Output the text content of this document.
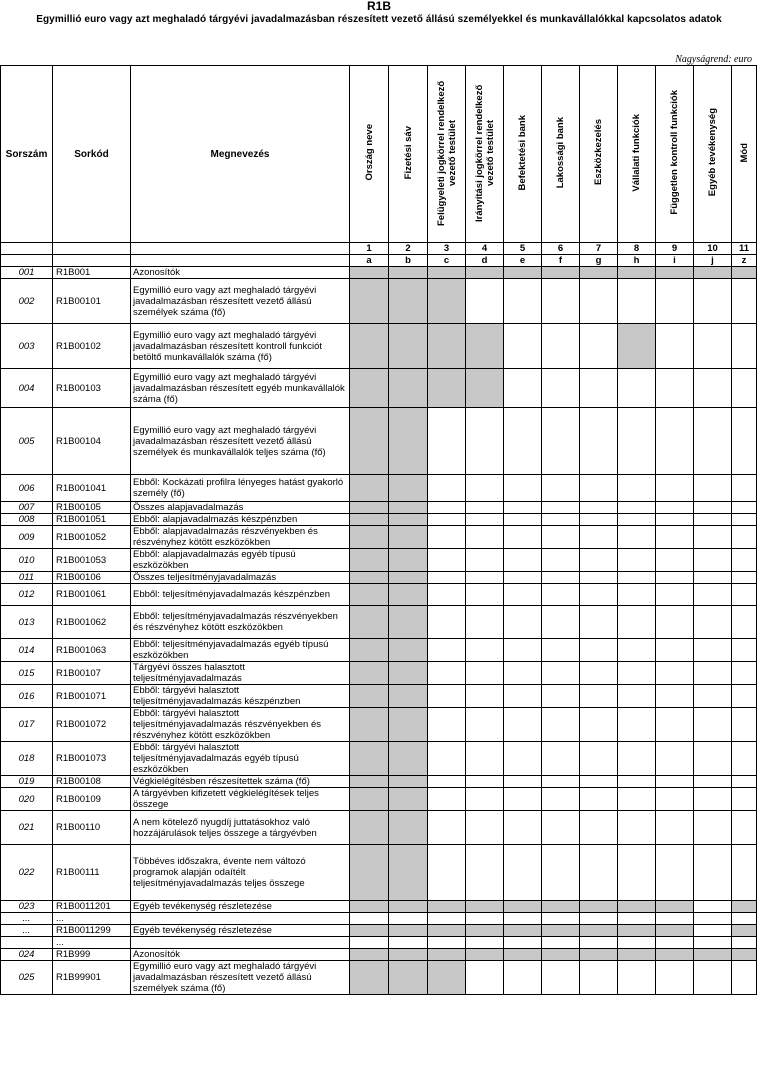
R1B
Egymillió euro vagy azt meghaladó tárgyévi javadalmazásban részesített vezető állású személyekkel és munkavállalókkal kapcsolatos adatok
Nagyságrend: euro
Sorszám	Sorkód	Megnevezés	Ország neve	Fizetési sáv	Felügyeleti jogkörrel rendelkező vezető testület	Irányítási jogkörrel rendelkező vezető testület	Befektetési bank	Lakossági bank	Eszközkezelés	Vállalati funkciók	Független kontroll funkciók	Egyéb tevékenység	Mód
			1	2	3	4	5	6	7	8	9	10	11
			a	b	c	d	e	f	g	h	i	j	z
001	R1B001	Azonosítók											
002	R1B00101	Egymillió euro vagy azt meghaladó tárgyévi javadalmazásban részesített vezető állású személyek száma (fő)											
003	R1B00102	Egymillió euro vagy azt meghaladó tárgyévi javadalmazásban részesített kontroll funkciót betöltő munkavállalók száma (fő)											
004	R1B00103	Egymillió euro vagy azt meghaladó tárgyévi javadalmazásban részesített egyéb munkavállalók száma (fő)											
005	R1B00104	Egymillió euro vagy azt meghaladó tárgyévi javadalmazásban részesített vezető állású személyek és munkavállalók teljes száma (fő)											
006	R1B001041	Ebből: Kockázati profilra lényeges hatást gyakorló személy (fő)											
007	R1B00105	Összes alapjavadalmazás											
008	R1B001051	Ebből: alapjavadalmazás készpénzben											
009	R1B001052	Ebből: alapjavadalmazás részvényekben és részvényhez kötött eszközökben											
010	R1B001053	Ebből: alapjavadalmazás egyéb típusú eszközökben											
011	R1B00106	Összes teljesítményjavadalmazás											
012	R1B001061	Ebből: teljesítményjavadalmazás készpénzben											
013	R1B001062	Ebből: teljesítményjavadalmazás részvényekben és részvényhez kötött eszközökben											
014	R1B001063	Ebből: teljesítményjavadalmazás egyéb típusú eszközökben											
015	R1B00107	Tárgyévi összes halasztott teljesítményjavadalmazás											
016	R1B001071	Ebből: tárgyévi halasztott teljesítményjavadalmazás készpénzben											
017	R1B001072	Ebből: tárgyévi halasztott teljesítményjavadalmazás részvényekben és részvényhez kötött eszközökben											
018	R1B001073	Ebből: tárgyévi halasztott teljesítményjavadalmazás egyéb típusú eszközökben											
019	R1B00108	Végkielégítésben részesítettek száma (fő)											
020	R1B00109	A tárgyévben kifizetett végkielégítések teljes összege											
021	R1B00110	A nem kötelező nyugdíj juttatásokhoz való hozzájárulások teljes összege a tárgyévben											
022	R1B00111	Többéves időszakra, évente nem változó programok alapján odaítélt teljesítményjavadalmazás teljes összege											
023	R1B0011201	Egyéb tevékenység részletezése											
...	...												
...	R1B0011299	Egyéb tevékenység részletezése											
	...												
024	R1B999	Azonosítók											
025	R1B99901	Egymillió euro vagy azt meghaladó tárgyévi javadalmazásban részesített vezető állású személyek száma (fő)											
